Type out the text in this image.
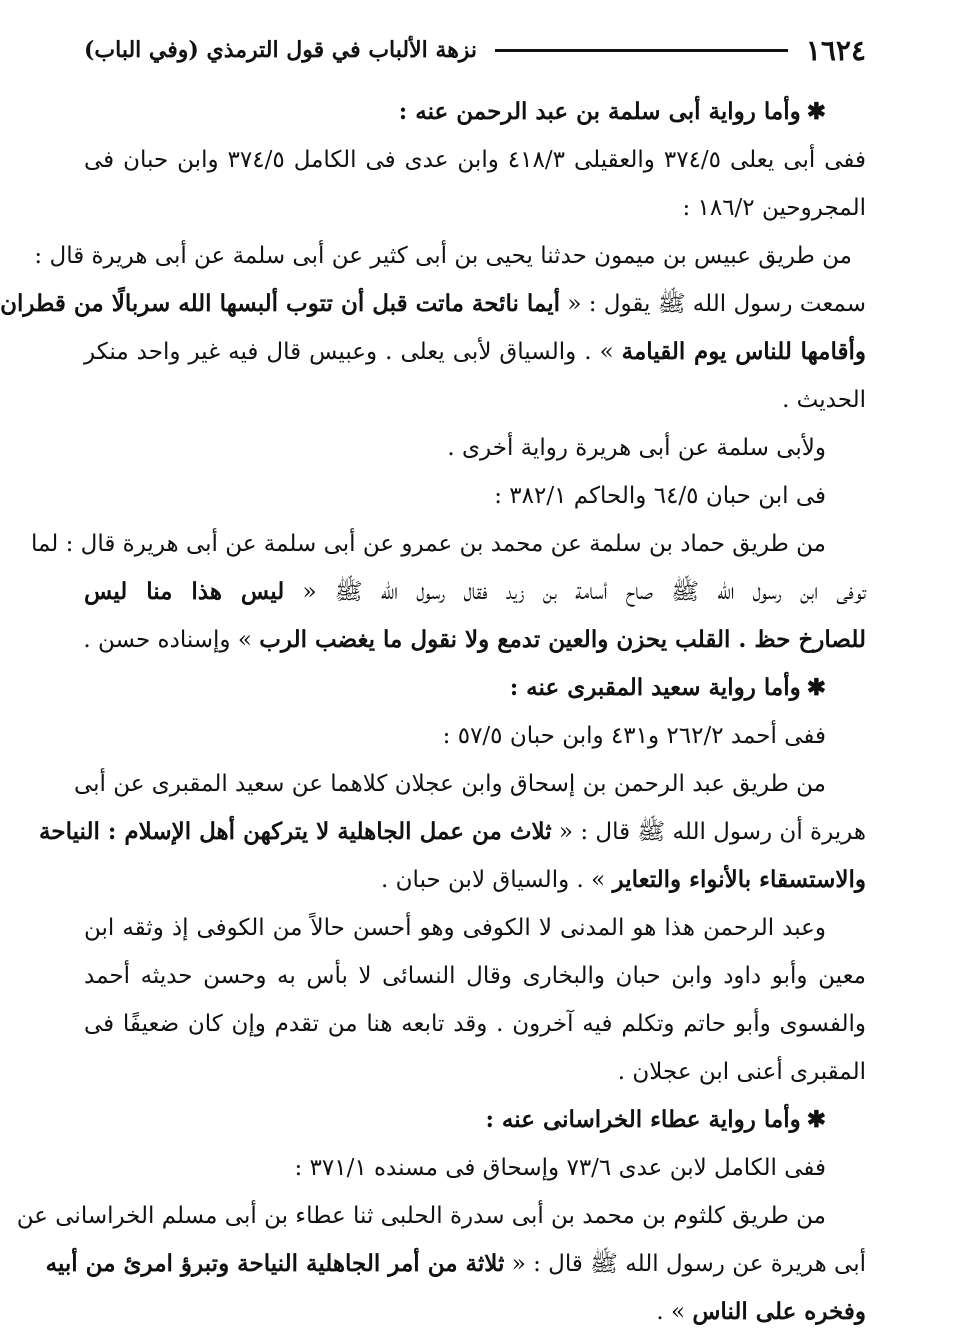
١٦٢٤
نزهة الألباب في قول الترمذي (وفي الباب)
✱وأما رواية أبى سلمة بن عبد الرحمن عنه :
ففى أبى يعلى ٣٧٤/٥ والعقيلى ٤١٨/٣ وابن عدى فى الكامل ٣٧٤/٥ وابن حبان فى
المجروحين ١٨٦/٢ :
من طريق عبيس بن ميمون حدثنا يحيى بن أبى كثير عن أبى سلمة عن أبى هريرة قال :
سمعت رسول الله ﷺ يقول : « أيما نائحة ماتت قبل أن تتوب ألبسها الله سربالًا من قطران
وأقامها للناس يوم القيامة » . والسياق لأبى يعلى . وعبيس قال فيه غير واحد منكر
الحديث .
ولأبى سلمة عن أبى هريرة رواية أخرى .
فى ابن حبان ٦٤/٥ والحاكم ٣٨٢/١ :
من طريق حماد بن سلمة عن محمد بن عمرو عن أبى سلمة عن أبى هريرة قال : لما
توفى ابن رسول الله ﷺ صاح أسامة بن زيد فقال رسول الله ﷺ « ليس هذا منا ليس
للصارخ حظ . القلب يحزن والعين تدمع ولا نقول ما يغضب الرب » وإسناده حسن .
✱وأما رواية سعيد المقبرى عنه :
ففى أحمد ٢٦٢/٢ و٤٣١ وابن حبان ٥٧/٥ :
من طريق عبد الرحمن بن إسحاق وابن عجلان كلاهما عن سعيد المقبرى عن أبى
هريرة أن رسول الله ﷺ قال : « ثلاث من عمل الجاهلية لا يتركهن أهل الإسلام : النياحة
والاستسقاء بالأنواء والتعاير » . والسياق لابن حبان .
وعبد الرحمن هذا هو المدنى لا الكوفى وهو أحسن حالاً من الكوفى إذ وثقه ابن
معين وأبو داود وابن حبان والبخارى وقال النسائى لا بأس به وحسن حديثه أحمد
والفسوى وأبو حاتم وتكلم فيه آخرون . وقد تابعه هنا من تقدم وإن كان ضعيفًا فى
المقبرى أعنى ابن عجلان .
✱وأما رواية عطاء الخراسانى عنه :
ففى الكامل لابن عدى ٧٣/٦ وإسحاق فى مسنده ٣٧١/١ :
من طريق كلثوم بن محمد بن أبى سدرة الحلبى ثنا عطاء بن أبى مسلم الخراسانى عن
أبى هريرة عن رسول الله ﷺ قال : « ثلاثة من أمر الجاهلية النياحة وتبرؤ امرئ من أبيه
وفخره على الناس » .
